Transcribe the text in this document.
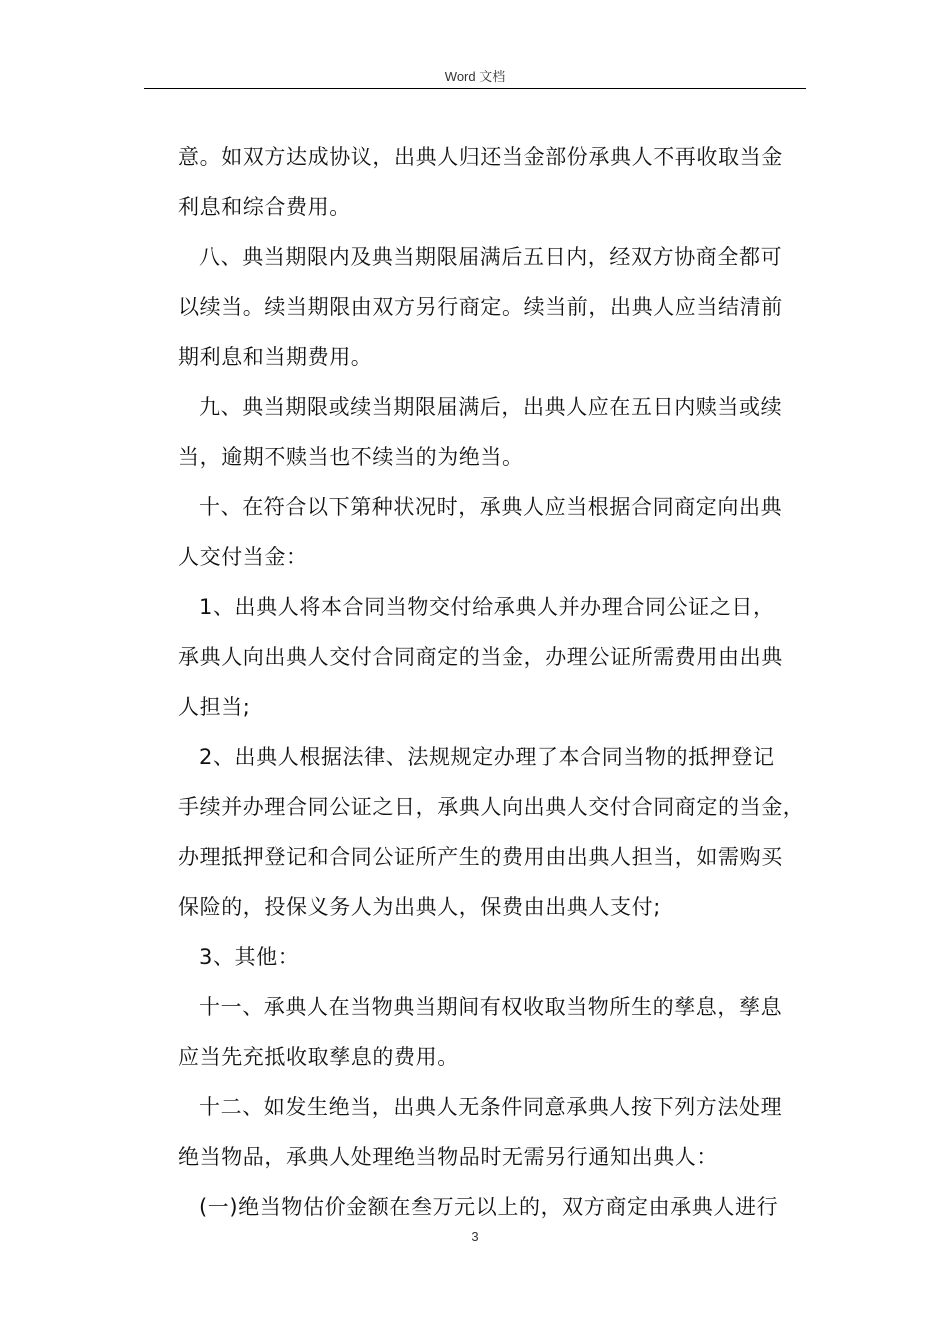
Word 文档
意。如双方达成协议，出典人归还当金部份承典人不再收取当金
利息和综合费用。
八、典当期限内及典当期限届满后五日内，经双方协商全都可
以续当。续当期限由双方另行商定。续当前，出典人应当结清前
期利息和当期费用。
九、典当期限或续当期限届满后，出典人应在五日内赎当或续
当，逾期不赎当也不续当的为绝当。
十、在符合以下第种状况时，承典人应当根据合同商定向出典
人交付当金：
1、出典人将本合同当物交付给承典人并办理合同公证之日，
承典人向出典人交付合同商定的当金，办理公证所需费用由出典
人担当;
2、出典人根据法律、法规规定办理了本合同当物的抵押登记
手续并办理合同公证之日，承典人向出典人交付合同商定的当金，
办理抵押登记和合同公证所产生的费用由出典人担当，如需购买
保险的，投保义务人为出典人，保费由出典人支付;
3、其他：
十一、承典人在当物典当期间有权收取当物所生的孳息，孳息
应当先充抵收取孳息的费用。
十二、如发生绝当，出典人无条件同意承典人按下列方法处理
绝当物品，承典人处理绝当物品时无需另行通知出典人：
(一)绝当物估价金额在叁万元以上的，双方商定由承典人进行
3
